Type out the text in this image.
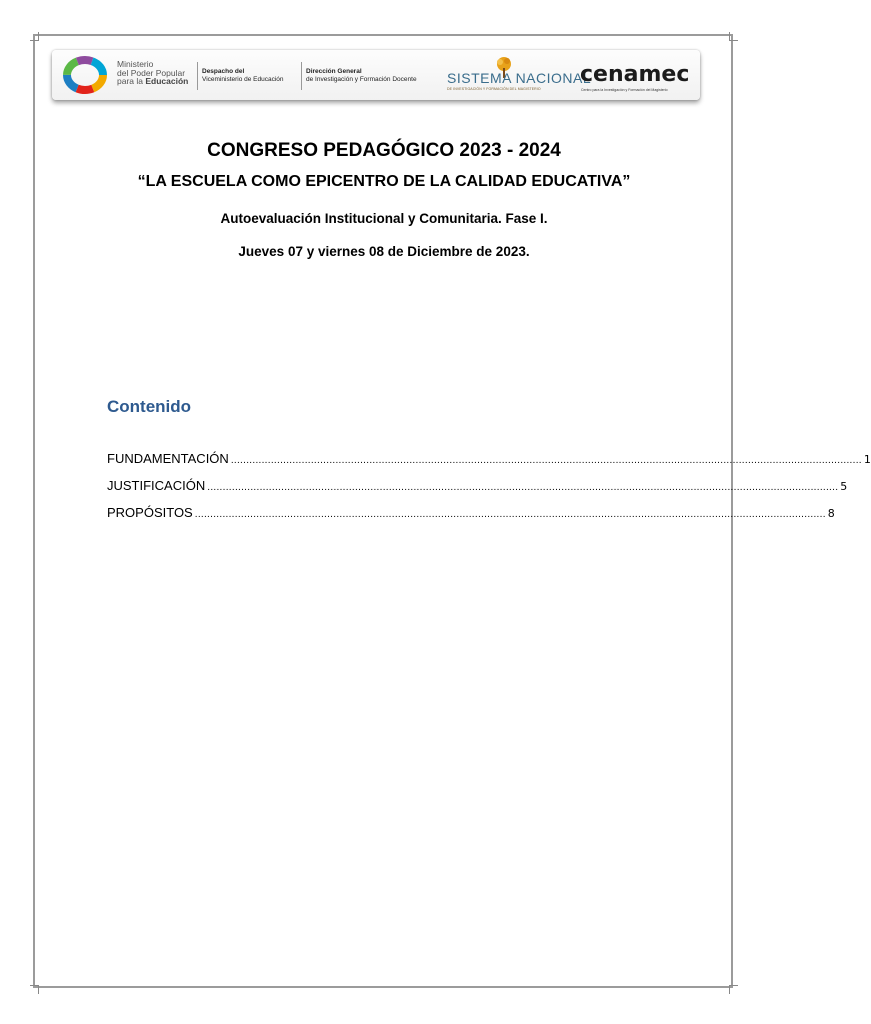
Ministerio
del Poder Popular
para la Educación
Despacho del
Viceministerio de Educación
Dirección General
de Investigación y Formación Docente SISTEMA NACIONAL
DE INVESTIGACIÓN Y FORMACIÓN DEL MAGISTERIO
cenamec
Centro para la Investigación y Formación del Magisterio
CONGRESO PEDAGÓGICO 2023 - 2024
“LA ESCUELA COMO EPICENTRO DE LA CALIDAD EDUCATIVA”
Autoevaluación Institucional y Comunitaria. Fase I.
Jueves 07 y viernes 08 de Diciembre de 2023.
Contenido
FUNDAMENTACIÓN ............................................................................................................................................................................................................. 1
JUSTIFICACIÓN ............................................................................................................................................................................................................. 5
PROPÓSITOS ............................................................................................................................................................................................................. 8
